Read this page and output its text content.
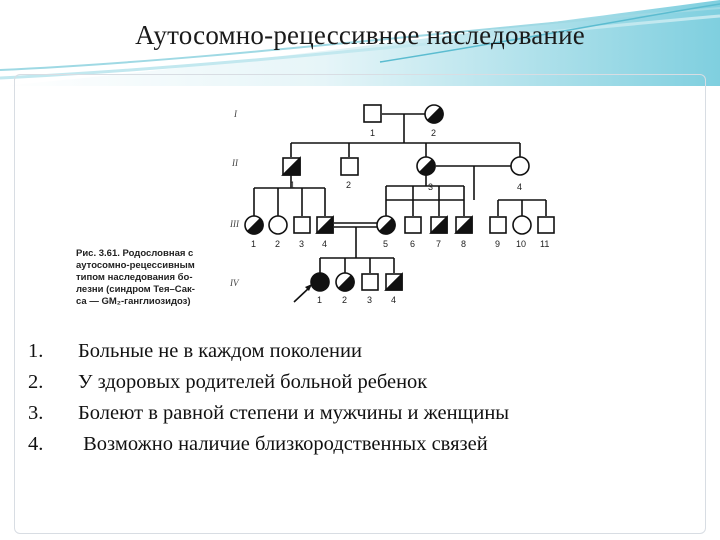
Аутосомно-рецессивное наследование
I
II
III
IV
1	2
1	2	3	4
1 2 3 4	5 6 7 8	9 10 11
1 2 3 4
Рис. 3.61. Родословная с
аутосомно-рецессивным
типом наследования бо-
лезни (синдром Тея–Сак-
са — GM₂-ганглиозидоз)
1.	Больные не в каждом поколении
2.	У здоровых родителей больной ребенок
3.	Болеют в равной степени и мужчины и женщины
4.	Возможно наличие близкородственных связей
